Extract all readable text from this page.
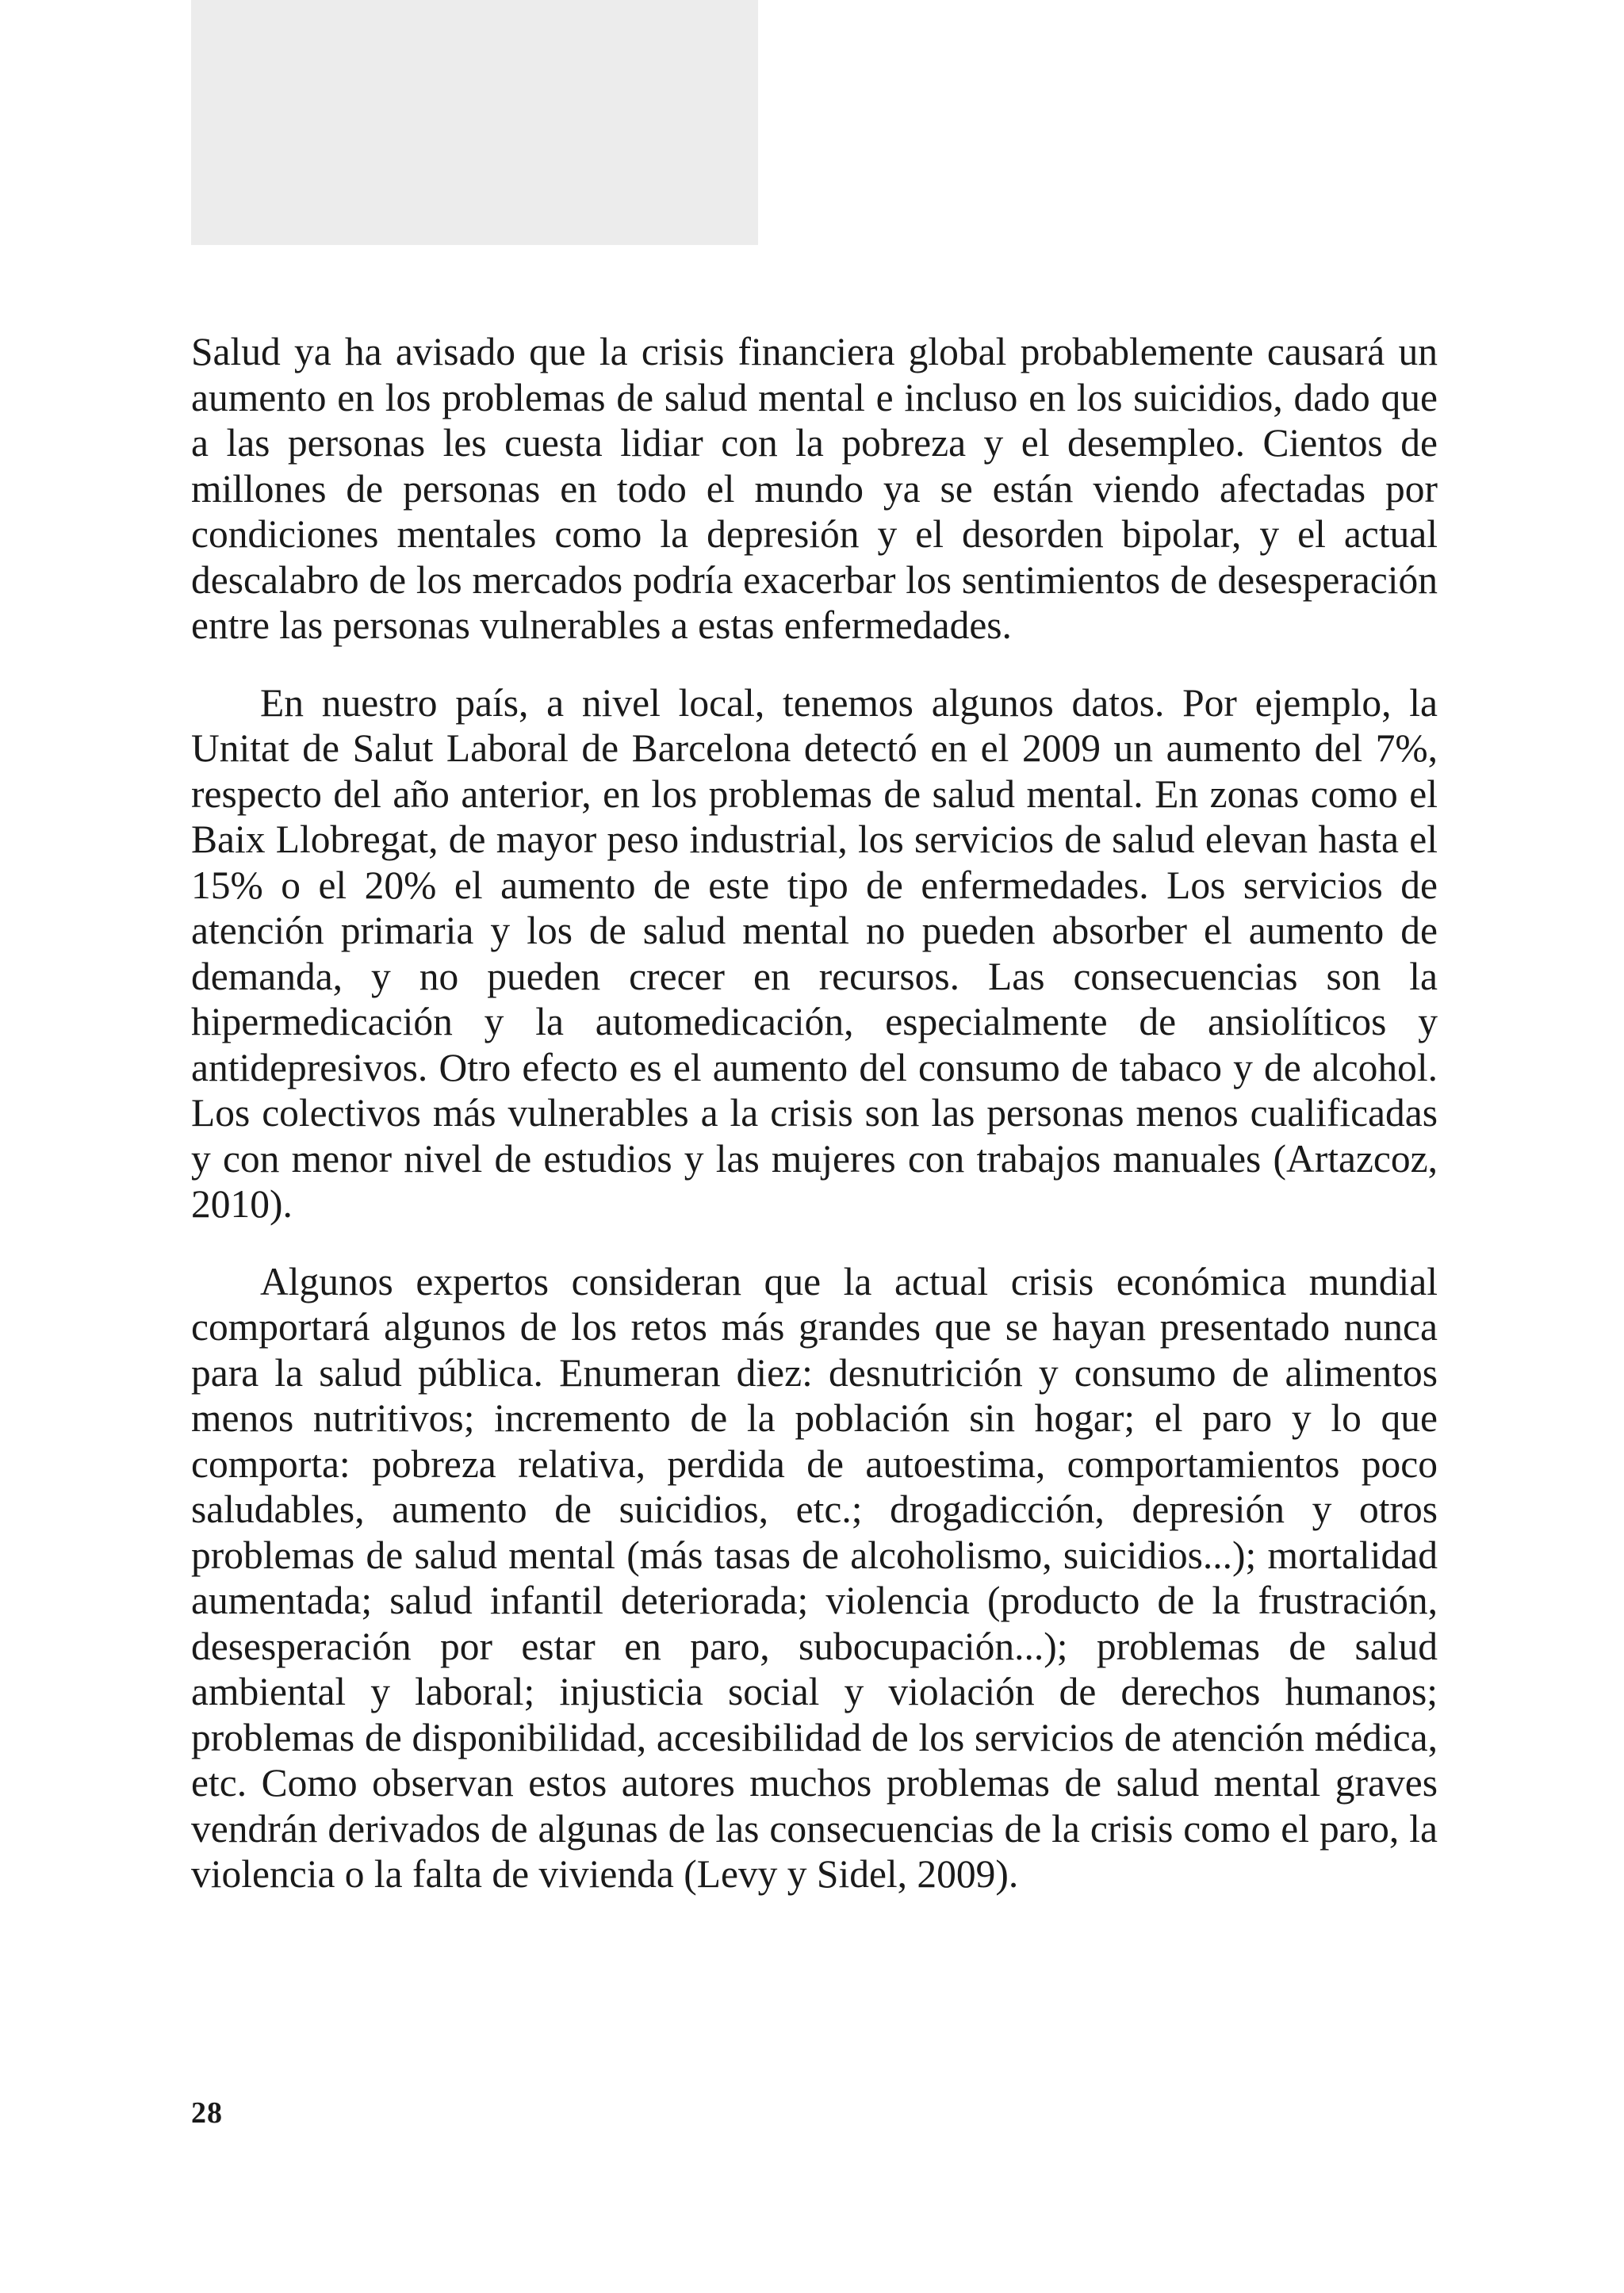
Salud ya ha avisado que la crisis financiera global probablemente causará un aumento en los problemas de salud mental e incluso en los suicidios, dado que a las personas les cuesta lidiar con la pobreza y el desempleo. Cientos de millones de personas en todo el mundo ya se están viendo afectadas por condiciones mentales como la depresión y el desorden bipolar, y el actual descalabro de los mercados podría exacerbar los sentimientos de desesperación entre las personas vulnerables a estas enfermedades.

En nuestro país, a nivel local, tenemos algunos datos. Por ejemplo, la Unitat de Salut Laboral de Barcelona detectó en el 2009 un aumento del 7%, respecto del año anterior, en los problemas de salud mental. En zonas como el Baix Llobregat, de mayor peso industrial, los servicios de salud elevan hasta el 15% o el 20% el aumento de este tipo de enfermedades. Los servicios de atención primaria y los de salud mental no pueden absorber el aumento de demanda, y no pueden crecer en recursos. Las consecuencias son la hipermedicación y la automedicación, especialmente de ansiolíticos y antidepresivos. Otro efecto es el aumento del consumo de tabaco y de alcohol. Los colectivos más vulnerables a la crisis son las personas menos cualificadas y con menor nivel de estudios y las mujeres con trabajos manuales (Artazcoz, 2010).

Algunos expertos consideran que la actual crisis económica mundial comportará algunos de los retos más grandes que se hayan presentado nunca para la salud pública. Enumeran diez: desnutrición y consumo de alimentos menos nutritivos; incremento de la población sin hogar; el paro y lo que comporta: pobreza relativa, perdida de autoestima, comportamientos poco saludables, aumento de suicidios, etc.; drogadicción, depresión y otros problemas de salud mental (más tasas de alcoholismo, suicidios...); mortalidad aumentada; salud infantil deteriorada; violencia (producto de la frustración, desesperación por estar en paro, subocupación...); problemas de salud ambiental y laboral; injusticia social y violación de derechos humanos; problemas de disponibilidad, accesibilidad de los servicios de atención médica, etc. Como observan estos autores muchos problemas de salud mental graves vendrán derivados de algunas de las consecuencias de la crisis como el paro, la violencia o la falta de vivienda (Levy y Sidel, 2009).

28
